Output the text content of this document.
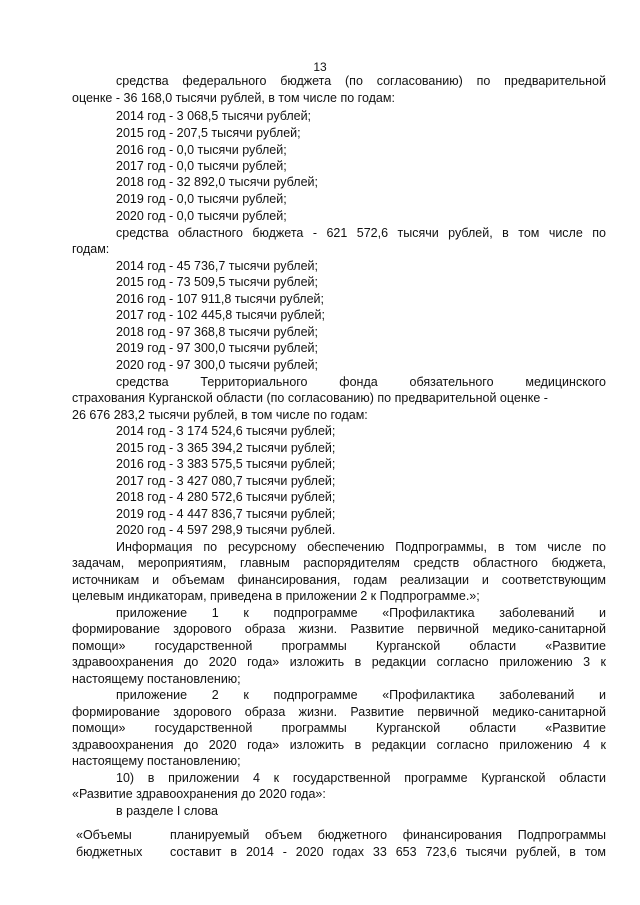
13
средства федерального бюджета (по согласованию) по предварительной
оценке - 36 168,0 тысячи рублей, в том числе по годам:
2014 год - 3 068,5 тысячи рублей;
2015 год - 207,5 тысячи рублей;
2016 год - 0,0 тысячи рублей;
2017 год - 0,0 тысячи рублей;
2018 год - 32 892,0 тысячи рублей;
2019 год - 0,0 тысячи рублей;
2020 год - 0,0 тысячи рублей;
средства областного бюджета - 621 572,6 тысячи рублей, в том числе по
годам:
2014 год - 45 736,7 тысячи рублей;
2015 год - 73 509,5 тысячи рублей;
2016 год - 107 911,8 тысячи рублей;
2017 год - 102 445,8 тысячи рублей;
2018 год - 97 368,8 тысячи рублей;
2019 год - 97 300,0 тысячи рублей;
2020 год - 97 300,0 тысячи рублей;
средства Территориального фонда обязательного медицинского
страхования Курганской области (по согласованию) по предварительной оценке -
26 676 283,2 тысячи рублей, в том числе по годам:
2014 год - 3 174 524,6 тысячи рублей;
2015 год - 3 365 394,2 тысячи рублей;
2016 год - 3 383 575,5 тысячи рублей;
2017 год - 3 427 080,7 тысячи рублей;
2018 год - 4 280 572,6 тысячи рублей;
2019 год - 4 447 836,7 тысячи рублей;
2020 год - 4 597 298,9 тысячи рублей.
Информация по ресурсному обеспечению Подпрограммы, в том числе по
задачам, мероприятиям, главным распорядителям средств областного бюджета,
источникам и объемам финансирования, годам реализации и соответствующим
целевым индикаторам, приведена в приложении 2 к Подпрограмме.»;
приложение 1 к подпрограмме «Профилактика заболеваний и
формирование здорового образа жизни. Развитие первичной медико-санитарной
помощи» государственной программы Курганской области «Развитие
здравоохранения до 2020 года» изложить в редакции согласно приложению 3 к
настоящему постановлению;
приложение 2 к подпрограмме «Профилактика заболеваний и
формирование здорового образа жизни. Развитие первичной медико-санитарной
помощи» государственной программы Курганской области «Развитие
здравоохранения до 2020 года» изложить в редакции согласно приложению 4 к
настоящему постановлению;
10) в приложении 4 к государственной программе Курганской области
«Развитие здравоохранения до 2020 года»:
в разделе I слова
«Объемы
бюджетных
планируемый объем бюджетного финансирования Подпрограммы
составит в 2014 - 2020 годах 33 653 723,6 тысячи рублей, в том
